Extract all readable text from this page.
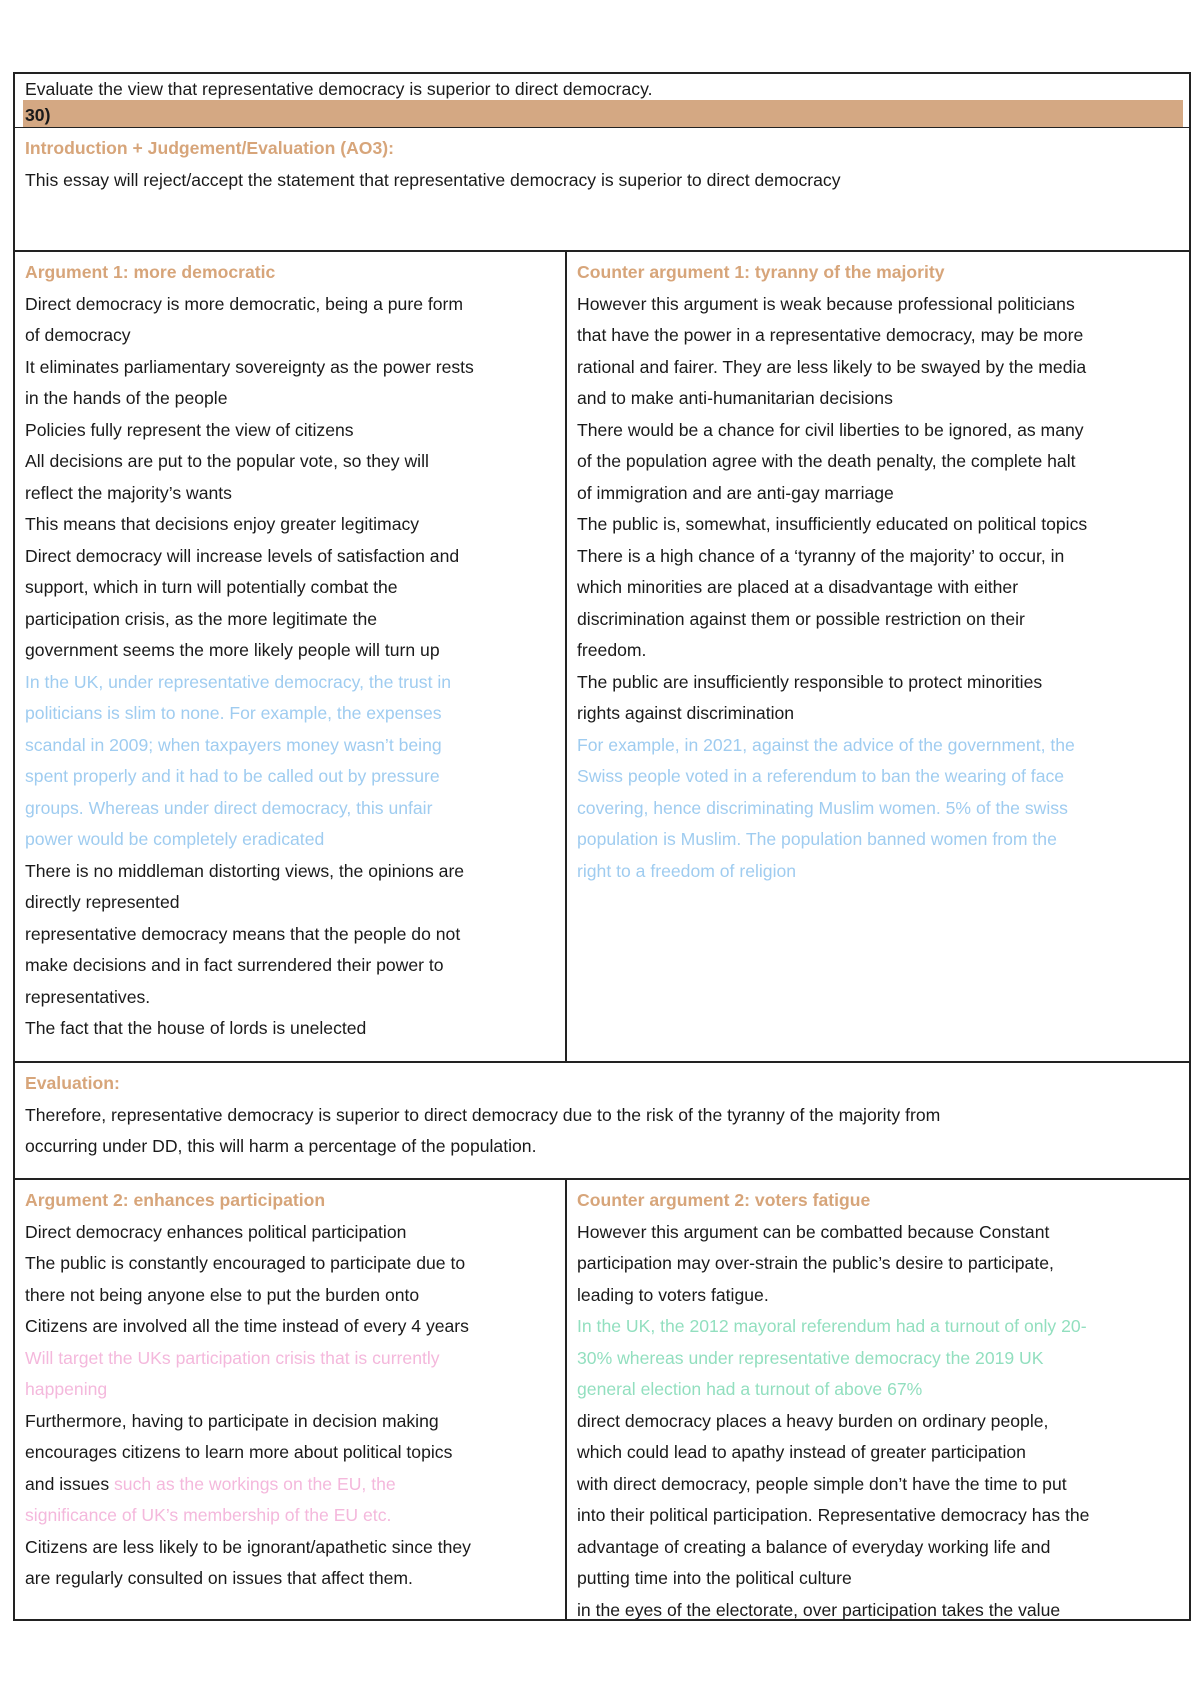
Evaluate the view that representative democracy is superior to direct democracy.
30)
Introduction + Judgement/Evaluation (AO3):
This essay will reject/accept the statement that representative democracy is superior to direct democracy
Argument 1: more democratic
Direct democracy is more democratic, being a pure form
of democracy
It eliminates parliamentary sovereignty as the power rests
in the hands of the people
Policies fully represent the view of citizens
All decisions are put to the popular vote, so they will
reflect the majority’s wants
This means that decisions enjoy greater legitimacy
Direct democracy will increase levels of satisfaction and
support, which in turn will potentially combat the
participation crisis, as the more legitimate the
government seems the more likely people will turn up
In the UK, under representative democracy, the trust in
politicians is slim to none. For example, the expenses
scandal in 2009; when taxpayers money wasn’t being
spent properly and it had to be called out by pressure
groups. Whereas under direct democracy, this unfair
power would be completely eradicated
There is no middleman distorting views, the opinions are
directly represented
representative democracy means that the people do not
make decisions and in fact surrendered their power to
representatives.
The fact that the house of lords is unelected
Counter argument 1: tyranny of the majority
However this argument is weak because professional politicians
that have the power in a representative democracy, may be more
rational and fairer. They are less likely to be swayed by the media
and to make anti-humanitarian decisions
There would be a chance for civil liberties to be ignored, as many
of the population agree with the death penalty, the complete halt
of immigration and are anti-gay marriage
The public is, somewhat, insufficiently educated on political topics
There is a high chance of a ‘tyranny of the majority’ to occur, in
which minorities are placed at a disadvantage with either
discrimination against them or possible restriction on their
freedom.
The public are insufficiently responsible to protect minorities
rights against discrimination
For example, in 2021, against the advice of the government, the
Swiss people voted in a referendum to ban the wearing of face
covering, hence discriminating Muslim women. 5% of the swiss
population is Muslim. The population banned women from the
right to a freedom of religion
Evaluation:
Therefore, representative democracy is superior to direct democracy due to the risk of the tyranny of the majority from
occurring under DD, this will harm a percentage of the population.
Argument 2: enhances participation
Direct democracy enhances political participation
The public is constantly encouraged to participate due to
there not being anyone else to put the burden onto
Citizens are involved all the time instead of every 4 years
Will target the UKs participation crisis that is currently
happening
Furthermore, having to participate in decision making
encourages citizens to learn more about political topics
and issues such as the workings on the EU, the
significance of UK’s membership of the EU etc.
Citizens are less likely to be ignorant/apathetic since they
are regularly consulted on issues that affect them.
Counter argument 2: voters fatigue
However this argument can be combatted because Constant
participation may over-strain the public’s desire to participate,
leading to voters fatigue.
In the UK, the 2012 mayoral referendum had a turnout of only 20-
30% whereas under representative democracy the 2019 UK
general election had a turnout of above 67%
direct democracy places a heavy burden on ordinary people,
which could lead to apathy instead of greater participation
with direct democracy, people simple don’t have the time to put
into their political participation. Representative democracy has the
advantage of creating a balance of everyday working life and
putting time into the political culture
in the eyes of the electorate, over participation takes the value
